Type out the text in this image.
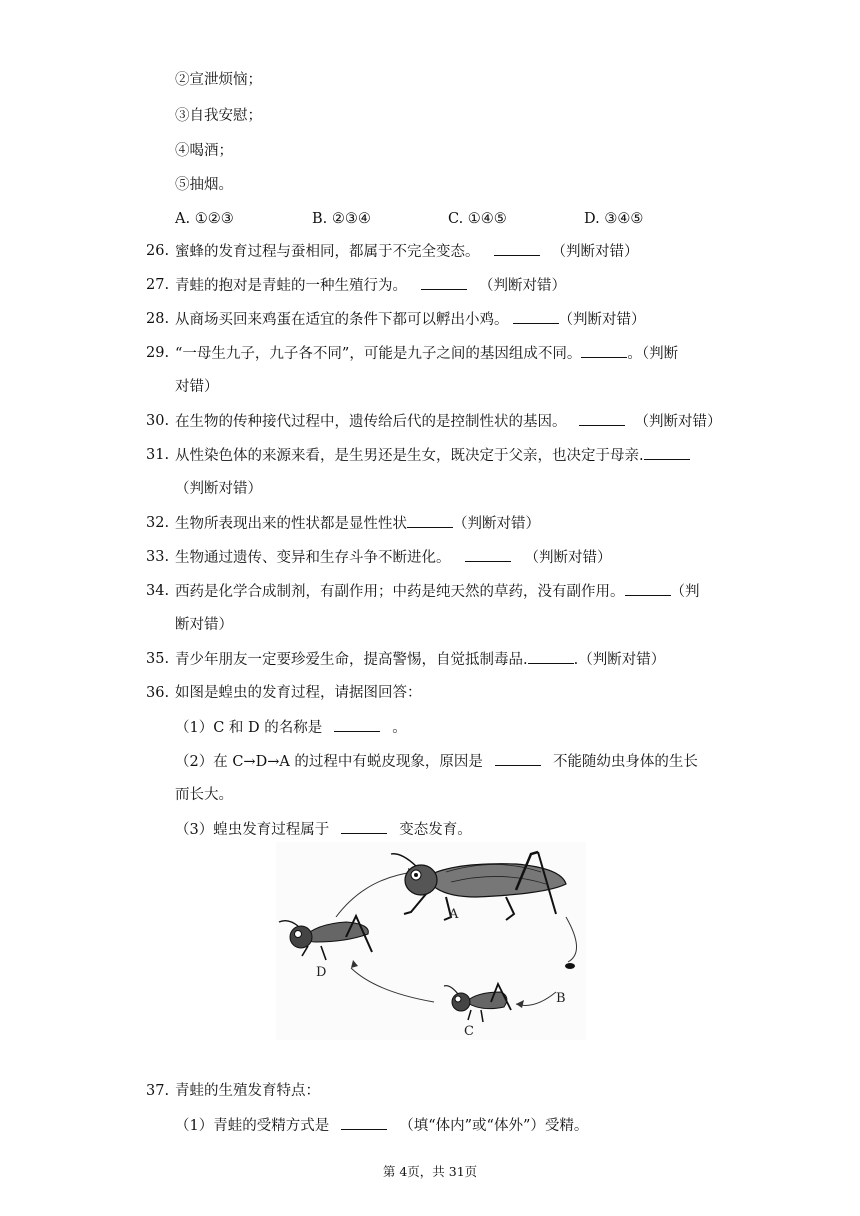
②宣泄烦恼；
③自我安慰；
④喝酒；
⑤抽烟。
A. ①②③	B. ②③④	C. ①④⑤	D. ③④⑤
26. 蜜蜂的发育过程与蚕相同，都属于不完全变态。	（判断对错）
27. 青蛙的抱对是青蛙的一种生殖行为。	（判断对错）
28. 从商场买回来鸡蛋在适宜的条件下都可以孵出小鸡。	（判断对错）
29. “一母生九子，九子各不同”，可能是九子之间的基因组成不同。	。（判断
对错）
30. 在生物的传种接代过程中，遗传给后代的是控制性状的基因。	（判断对错）
31. 从性染色体的来源来看，是生男还是生女，既决定于父亲，也决定于母亲.
（判断对错）
32. 生物所表现出来的性状都是显性性状	（判断对错）
33. 生物通过遗传、变异和生存斗争不断进化。	（判断对错）
34. 西药是化学合成制剂，有副作用；中药是纯天然的草药，没有副作用。	（判
断对错）
35. 青少年朋友一定要珍爱生命，提高警惕，自觉抵制毒品.	.（判断对错）
36. 如图是蝗虫的发育过程，请据图回答：
（1）C 和 D 的名称是	。
（2）在 C→D→A 的过程中有蜕皮现象，原因是	不能随幼虫身体的生长
而长大。
（3）蝗虫发育过程属于	变态发育。
A
B
C
D
37. 青蛙的生殖发育特点：
（1）青蛙的受精方式是	（填“体内”或“体外”）受精。
第 4页，共 31页
